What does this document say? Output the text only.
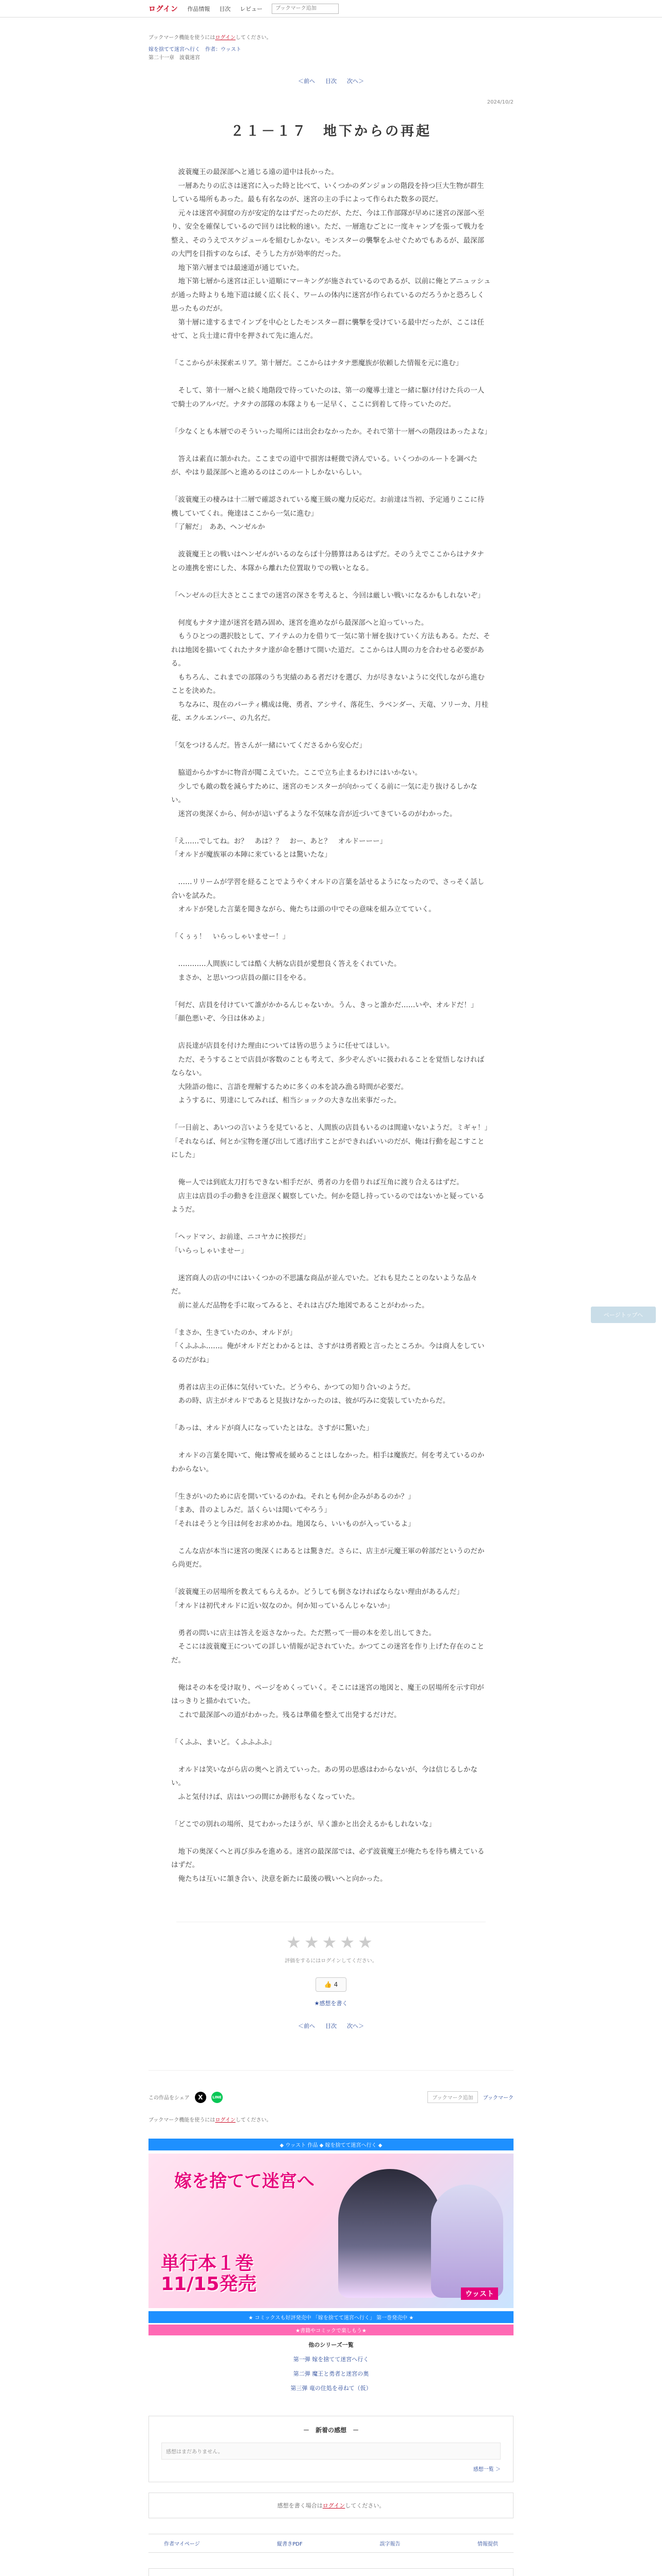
ログイン 作品情報 目次 レビュー
ブックマーク追加
ブックマーク機能を使うにはログインしてください。
嫁を捨てて迷宮へ行く　作者：ウッスト
第二十一章　波蓑迷宮
＜前へ 目次 次へ＞
2024/10/2
２１－１７　地下からの再起

　波蓑魔王の最深部へと通じる遠の道中は長かった。

　一層あたりの広さは迷宮に入った時と比べて、いくつかのダンジョンの階段を持つ巨大生物が群生している場所もあった。最も有名なのが、迷宮の主の手によって作られた数多の罠だ。

　元々は迷宮や洞窟の方が安定的なはずだったのだが、ただ、今は工作部隊が早めに迷宮の深部へ至り、安全を確保しているので回りは比較的速い。ただ、一層進むごとに一度キャンプを張って戦力を整え、そのうえでスケジュールを組むしかない。モンスターの襲撃をふせぐためでもあるが、最深部の大門を目指すのならば、そうした方が効率的だった。

　地下第六層までは最速道が通じていた。

　地下第七層から迷宮は正しい道順にマーキングが施されているのであるが、以前に俺とアニュッシュが通った時よりも地下道は緩く広く長く、ワームの体内に迷宮が作られているのだろうかと恐ろしく思ったものだが。

　第十層に達するまでインプを中心としたモンスター群に襲撃を受けている最中だったが、ここは任せて、と兵士達に背中を押されて先に進んだ。

「ここからが未探索エリア。第十層だ。ここからはナタナ悪魔族が依頼した情報を元に進む」

　そして、第十一層へと続く地階段で待っていたのは、第一の魔導士達と一緒に駆け付けた兵の一人で騎士のアルバだ。ナタナの部隊の本隊よりも一足早く、ここに到着して待っていたのだ。

「少なくとも本層でのそういった場所には出会わなかったか。それで第十一層への階段はあったよな」

　答えは素直に頷かれた。ここまでの道中で損害は軽微で済んでいる。いくつかのルートを調べたが、やはり最深部へと進めるのはこのルートしかないらしい。

「波蓑魔王の棲みは十二層で確認されている魔王級の魔力反応だ。お前達は当初、予定通りここに待機していてくれ。俺達はここから一気に進む」

「了解だ」　ああ、ヘンゼルか

　波蓑魔王との戦いはヘンゼルがいるのならば十分勝算はあるはずだ。そのうえでここからはナタナとの連携を密にした、本隊から離れた位置取りでの戦いとなる。

「ヘンゼルの巨大さとここまでの迷宮の深さを考えると、今回は厳しい戦いになるかもしれないぞ」

　何度もナタナ達が迷宮を踏み固め、迷宮を進めながら最深部へと迫っていった。

　もうひとつの選択肢として、アイテムの力を借りて一気に第十層を抜けていく方法もある。ただ、それは地図を描いてくれたナタナ達が命を懸けて開いた道だ。ここからは人間の力を合わせる必要がある。

　もちろん、これまでの部隊のうち実績のある者だけを選び、力が尽きないように交代しながら進むことを決めた。

　ちなみに、現在のパーティ構成は俺、勇者、アシサイ、落花生、ラベンダー、天竜、ソリーカ、月桂花、エクルエンバー、の九名だ。

「気をつけるんだ。皆さんが一緒にいてくださるから安心だ」

　脇道からかすかに物音が聞こえていた。ここで立ち止まるわけにはいかない。

　少しでも敵の数を減らすために、迷宮のモンスターが向かってくる前に一気に走り抜けるしかない。

　迷宮の奥深くから、何かが這いずるような不気味な音が近づいてきているのがわかった。

「え……でしてね。お？　あは？？　おー、あと？　オルドーーー」

「オルドが魔族軍の本陣に来ているとは驚いたな」

　……リリームが学習を経ることでようやくオルドの言葉を話せるようになったので、さっそく話し合いを試みた。

　オルドが発した言葉を聞きながら、俺たちは頭の中でその意味を組み立てていく。

「くぅぅ！　いらっしゃいませー！」

　…………人間族にしては酷く大柄な店員が愛想良く答えをくれていた。

　まさか、と思いつつ店員の顔に目をやる。

「何だ、店員を付けていて誰がかかるんじゃないか。うん、きっと誰かだ……いや、オルドだ！」

「顔色悪いぞ、今日は休めよ」

　店長達が店員を付けた理由については皆の思うように任せてほしい。

　ただ、そうすることで店員が客数のことも考えて、多少ぞんざいに扱われることを覚悟しなければならない。

　大陸語の他に、言語を理解するために多くの本を読み漁る時間が必要だ。

　ようするに、男達にしてみれば、相当ショックの大きな出来事だった。

「一日前と、あいつの言いようを見ていると、人間族の店員もいるのは間違いないようだ。ミギャ！」

「それならば、何とか宝物を運び出して逃げ出すことができればいいのだが、俺は行動を起こすことにした」

　俺ー人では到底太刀打ちできない相手だが、勇者の力を借りれば互角に渡り合えるはずだ。

　店主は店員の手の動きを注意深く観察していた。何かを隠し持っているのではないかと疑っているようだ。

「ヘッドマン、お前達、ニコヤカに挨拶だ」

「いらっしゃいませー」

　迷宮商人の店の中にはいくつかの不思議な商品が並んでいた。どれも見たことのないような品々だ。

　前に並んだ品物を手に取ってみると、それは古びた地図であることがわかった。

「まさか、生きていたのか、オルドが」

「くふふふ……。俺がオルドだとわかるとは、さすがは勇者殿と言ったところか。今は商人をしているのだがね」

　勇者は店主の正体に気付いていた。どうやら、かつての知り合いのようだ。

　あの時、店主がオルドであると見抜けなかったのは、彼が巧みに変装していたからだ。

「あっは、オルドが商人になっていたとはな。さすがに驚いた」

　オルドの言葉を聞いて、俺は警戒を緩めることはしなかった。相手は魔族だ。何を考えているのかわからない。

「生きがいのために店を開いているのかね。それとも何か企みがあるのか？」

「まあ、昔のよしみだ。話くらいは聞いてやろう」

「それはそうと今日は何をお求めかね。地図なら、いいものが入っているよ」

　こんな店が本当に迷宮の奥深くにあるとは驚きだ。さらに、店主が元魔王軍の幹部だというのだから尚更だ。

「波蓑魔王の居場所を教えてもらえるか。どうしても倒さなければならない理由があるんだ」

「オルドは初代オルドに近い奴なのか。何か知っているんじゃないか」

　勇者の問いに店主は答えを返さなかった。ただ黙って一冊の本を差し出してきた。

　そこには波蓑魔王についての詳しい情報が記されていた。かつてこの迷宮を作り上げた存在のことだ。

　俺はその本を受け取り、ページをめくっていく。そこには迷宮の地図と、魔王の居場所を示す印がはっきりと描かれていた。

　これで最深部への道がわかった。残るは準備を整えて出発するだけだ。

「くふふ、まいど。くふふふふ」

　オルドは笑いながら店の奥へと消えていった。あの男の思惑はわからないが、今は信じるしかない。

　ふと気付けば、店はいつの間にか跡形もなくなっていた。

「どこでの別れの場所、見てわかったほうが、早く誰かと出会えるかもしれないな」

　地下の奥深くへと再び歩みを進める。迷宮の最深部では、必ず波蓑魔王が俺たちを待ち構えているはずだ。

　俺たちは互いに頷き合い、決意を新たに最後の戦いへと向かった。

★★★★★
評価をするにはログインしてください。
👍 4
★感想を書く
＜前へ 目次 次へ＞
この作品をシェア	X	LINE	ブックマーク追加	ブックマーク
ブックマーク機能を使うにはログインしてください。
◆ ウッスト 作品 ◆ 嫁を捨てて迷宮へ行く ◆
嫁を捨てて迷宮へ
単行本１巻
11/15発売	ウッスト
★ コミックスも好評発売中 「嫁を捨てて迷宮へ行く」 第一巻発売中 ★
★書籍やコミックで楽しもう★
他のシリーズ一覧
第一弾 嫁を捨てて迷宮へ行く
第二弾 魔王と勇者と迷宮の奥
第三弾 竜の住処を尋ねて（仮）
－　新着の感想　－
感想はまだありません。
感想一覧 ＞
感想を書く場合はログインしてください。
作者マイページ	縦書きPDF	誤字報告	情報提供
ページトップへ
